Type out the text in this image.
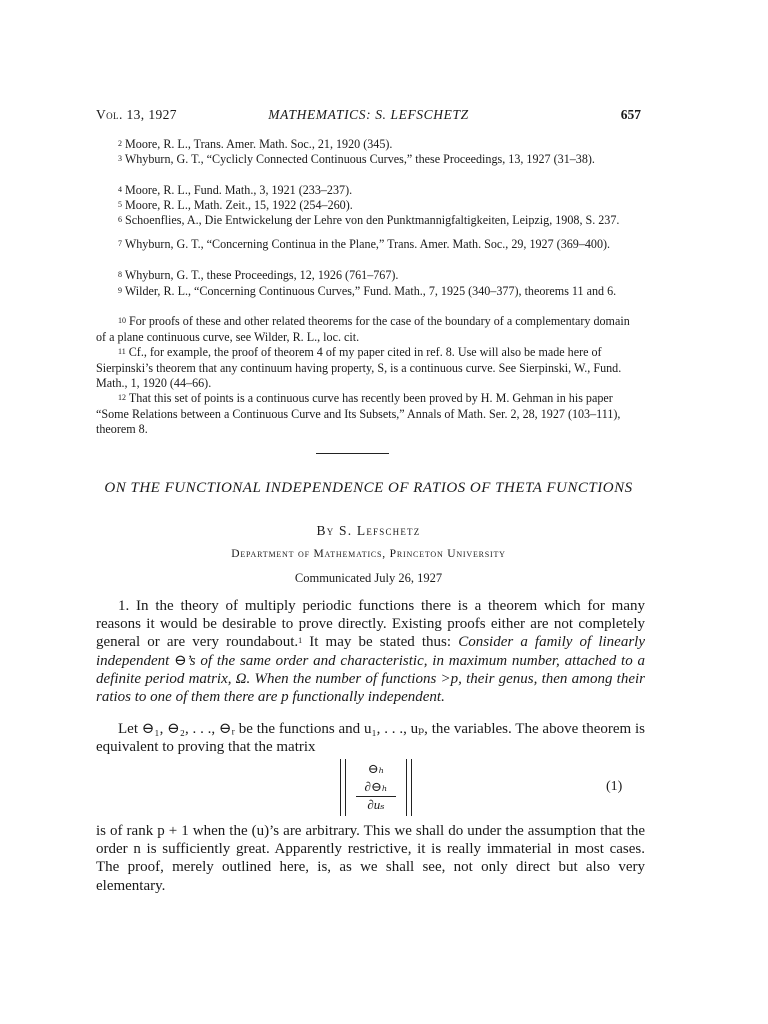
Vol. 13, 1927	MATHEMATICS: S. LEFSCHETZ	657

$^2$ Moore, R. L., Trans. Amer. Math. Soc., 21, 1920 (345).

$^3$ Whyburn, G. T., “Cyclicly Connected Continuous Curves,” these Proceedings, 13, 1927 (31–38).

$^4$ Moore, R. L., Fund. Math., 3, 1921 (233–237).

$^5$ Moore, R. L., Math. Zeit., 15, 1922 (254–260).

$^6$ Schoenflies, A., Die Entwickelung der Lehre von den Punktmannigfaltigkeiten, Leipzig, 1908, S. 237.

$^7$ Whyburn, G. T., “Concerning Continua in the Plane,” Trans. Amer. Math. Soc., 29, 1927 (369–400).

$^8$ Whyburn, G. T., these Proceedings, 12, 1926 (761–767).

$^9$ Wilder, R. L., “Concerning Continuous Curves,” Fund. Math., 7, 1925 (340–377), theorems 11 and 6.

$^{10}$ For proofs of these and other related theorems for the case of the boundary of a complementary domain of a plane continuous curve, see Wilder, R. L., loc. cit.

$^{11}$ Cf., for example, the proof of theorem 4 of my paper cited in ref. 8. Use will also be made here of Sierpinski’s theorem that any continuum having property, S, is a continuous curve. See Sierpinski, W., Fund. Math., 1, 1920 (44–66).

$^{12}$ That this set of points is a continuous curve has recently been proved by H. M. Gehman in his paper “Some Relations between a Continuous Curve and Its Subsets,” Annals of Math. Ser. 2, 28, 1927 (103–111), theorem 8.

ON THE FUNCTIONAL INDEPENDENCE OF RATIOS OF THETA FUNCTIONS

By S. Lefschetz
Department of Mathematics, Princeton University
Communicated July 26, 1927

1. In the theory of multiply periodic functions there is a theorem which for many reasons it would be desirable to prove directly. Existing proofs either are not completely general or are very roundabout.$^1$ It may be stated thus: Consider a family of linearly independent ⊖’s of the same order and characteristic, in maximum number, attached to a definite period matrix, Ω. When the number of functions >p, their genus, then among their ratios to one of them there are p functionally independent.

Let ⊖₁, ⊖₂, . . ., ⊖ᵣ be the functions and u₁, . . ., uₚ, the variables. The above theorem is equivalent to proving that the matrix

⊖ₕ
∂⊖ₕ
∂uₛ
(1)

is of rank p + 1 when the (u)’s are arbitrary. This we shall do under the assumption that the order n is sufficiently great. Apparently restrictive, it is really immaterial in most cases. The proof, merely outlined here, is, as we shall see, not only direct but also very elementary.
